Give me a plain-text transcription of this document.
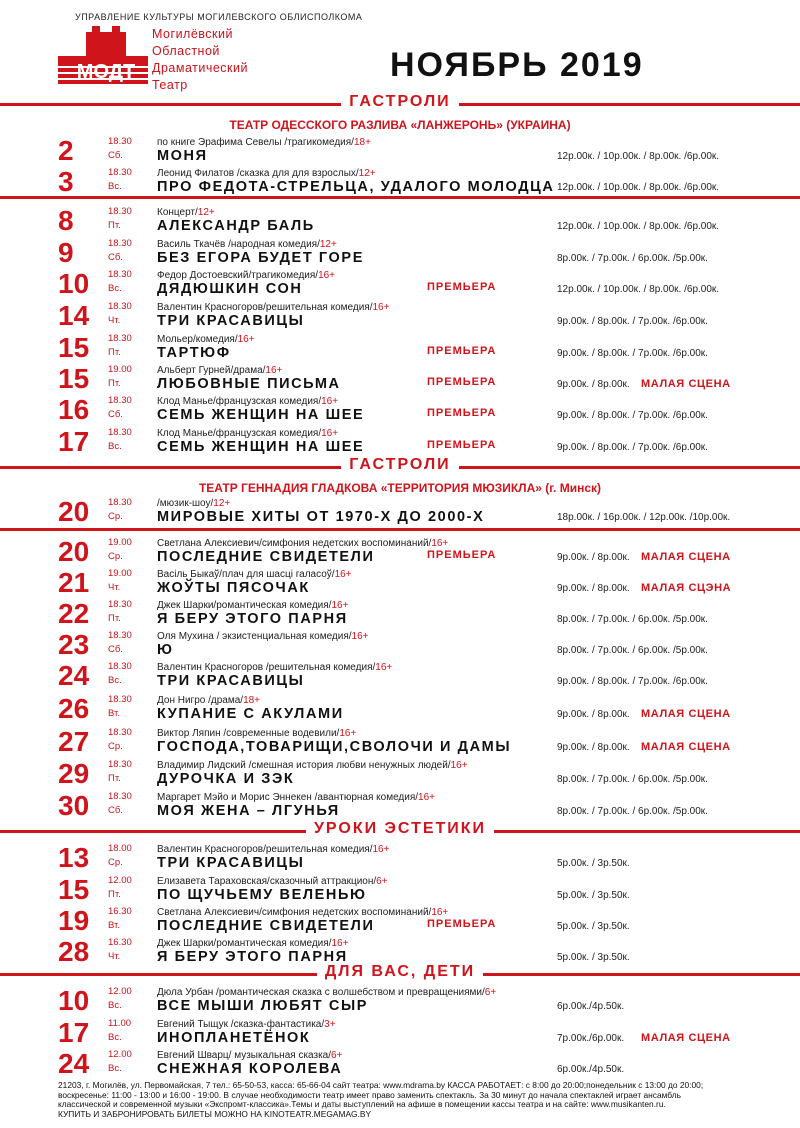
УПРАВЛЕНИЕ КУЛЬТУРЫ МОГИЛЕВСКОГО ОБЛИСПОЛКОМА
МОДТ
Могилёвский
Областной
Драматический
Театр
НОЯБРЬ 2019
ГАСТРОЛИ
ТЕАТР ОДЕССКОГО РАЗЛИВА «ЛАНЖЕРОНЬ» (УКРАИНА)
ГАСТРОЛИ
ТЕАТР ГЕННАДИЯ ГЛАДКОВА «ТЕРРИТОРИЯ МЮЗИКЛА» (г. Минск)
УРОКИ ЭСТЕТИКИ
ДЛЯ ВАС, ДЕТИ
2	18.30
Сб.
по книге Эрафима Севелы /трагикомедия/18+
МОНЯ	12р.00к. / 10р.00к. / 8р.00к. /6р.00к.
3	18.30
Вс.
Леонид Филатов /сказка для для взрослых/12+
ПРО ФЕДОТА-СТРЕЛЬЦА, УДАЛОГО МОЛОДЦА 12р.00к. / 10р.00к. / 8р.00к. /6р.00к.
8	18.30
Пт.
Концерт/12+
АЛЕКСАНДР БАЛЬ	12р.00к. / 10р.00к. / 8р.00к. /6р.00к.
9	18.30
Сб.
Василь Ткачёв /народная комедия/12+
БЕЗ ЕГОРА БУДЕТ ГОРЕ	8р.00к. / 7р.00к. / 6р.00к. /5р.00к.
10	18.30
Вс.
Федор Достоевский/трагикомедия/16+
ДЯДЮШКИН СОН	ПРЕМЬЕРА	12р.00к. / 10р.00к. / 8р.00к. /6р.00к.
14	18.30
Чт.
Валентин Красногоров/решительная комедия/16+
ТРИ КРАСАВИЦЫ	9р.00к. / 8р.00к. / 7р.00к. /6р.00к.
15	18.30
Пт.
Мольер/комедия/16+
ТАРТЮФ	ПРЕМЬЕРА	9р.00к. / 8р.00к. / 7р.00к. /6р.00к.
15	19.00
Пт.
Альберт Гурней/драма/16+
ЛЮБОВНЫЕ ПИСЬМА	ПРЕМЬЕРА	9р.00к. / 8р.00к. МАЛАЯ СЦЕНА
16	18.30
Сб.
Клод Манье/французская комедия/16+
СЕМЬ ЖЕНЩИН НА ШЕЕ	ПРЕМЬЕРА	9р.00к. / 8р.00к. / 7р.00к. /6р.00к.
17	18.30
Вс.
Клод Манье/французская комедия/16+
СЕМЬ ЖЕНЩИН НА ШЕЕ	ПРЕМЬЕРА	9р.00к. / 8р.00к. / 7р.00к. /6р.00к.
20	18.30
Ср.
/мюзик-шоу/12+
МИРОВЫЕ ХИТЫ ОТ 1970-Х ДО 2000-Х	18р.00к. / 16р.00к. / 12р.00к. /10р.00к.
20	19.00
Ср.
Светлана Алексиевич/симфония недетских воспоминаний/16+
ПОСЛЕДНИЕ СВИДЕТЕЛИ	ПРЕМЬЕРА	9р.00к. / 8р.00к. МАЛАЯ СЦЕНА
21	19.00
Чт.
Васіль Быкаў/плач для шасці галасоў/16+
ЖОЎТЫ ПЯСОЧАК	9р.00к. / 8р.00к. МАЛАЯ СЦЭНА
22	18.30
Пт.
Джек Шарки/романтическая комедия/16+
Я БЕРУ ЭТОГО ПАРНЯ	8р.00к. / 7р.00к. / 6р.00к. /5р.00к.
23	18.30
Сб.
Оля Мухина / экзистенциальная комедия/16+
Ю	8р.00к. / 7р.00к. / 6р.00к. /5р.00к.
24	18.30
Вс.
Валентин Красногоров /решительная комедия/16+
ТРИ КРАСАВИЦЫ	9р.00к. / 8р.00к. / 7р.00к. /6р.00к.
26	18.30
Вт.
Дон Нигро /драма/18+
КУПАНИЕ С АКУЛАМИ	9р.00к. / 8р.00к. МАЛАЯ СЦЕНА
27	18.30
Ср.
Виктор Ляпин /современные водевили/16+
ГОСПОДА,ТОВАРИЩИ,СВОЛОЧИ И ДАМЫ	9р.00к. / 8р.00к. МАЛАЯ СЦЕНА
29	18.30
Пт.
Владимир Лидский /смешная история любви ненужных людей/16+
ДУРОЧКА И ЗЭК	8р.00к. / 7р.00к. / 6р.00к. /5р.00к.
30	18.30
Сб.
Маргарет Мэйо и Морис Эннекен /авантюрная комедия/16+
МОЯ ЖЕНА – ЛГУНЬЯ	8р.00к. / 7р.00к. / 6р.00к. /5р.00к.
13	18.00
Ср.
Валентин Красногоров/решительная комедия/16+
ТРИ КРАСАВИЦЫ	5р.00к. / 3р.50к.
15	12.00
Пт.
Елизавета Тараховская/сказочный аттракцион/6+
ПО ЩУЧЬЕМУ ВЕЛЕНЬЮ	5р.00к. / 3р.50к.
19	16.30
Вт.
Светлана Алексиевич/симфония недетских воспоминаний/16+
ПОСЛЕДНИЕ СВИДЕТЕЛИ	ПРЕМЬЕРА	5р.00к. / 3р.50к.
28	16.30
Чт.
Джек Шарки/романтическая комедия/16+
Я БЕРУ ЭТОГО ПАРНЯ	5р.00к. / 3р.50к.
10	12.00
Вс.
Дюла Урбан /романтическая сказка с волшебством и превращениями/6+
ВСЕ МЫШИ ЛЮБЯТ СЫР	6р.00к./4р.50к.
17	11.00
Вс.
Евгений Тыщук /сказка-фантастика/3+
ИНОПЛАНЕТЁНОК	7р.00к./6р.00к. МАЛАЯ СЦЕНА
24	12.00
Вс.
Евгений Шварц/ музыкальная сказка/6+
СНЕЖНАЯ КОРОЛЕВА	6р.00к./4р.50к.
21203, г. Могилёв, ул. Первомайская, 7 тел.: 65-50-53, касса: 65-66-04 сайт театра: www.mdrama.by КАССА РАБОТАЕТ: с 8:00 до 20:00;понедельник с 13:00 до 20:00;
воскресенье: 11:00 - 13:00 и 16:00 - 19:00. В случае необходимости театр имеет право заменить спектакль. За 30 минут до начала спектаклей играет ансамбль
классической и современной музыки «Экспромт-классика».Темы и даты выступлений на афише в помещении кассы театра и на сайте: www.musikanten.ru.
КУПИТЬ И ЗАБРОНИРОВАТЬ БИЛЕТЫ МОЖНО НА KINOTEATR.MEGAMAG.BY
